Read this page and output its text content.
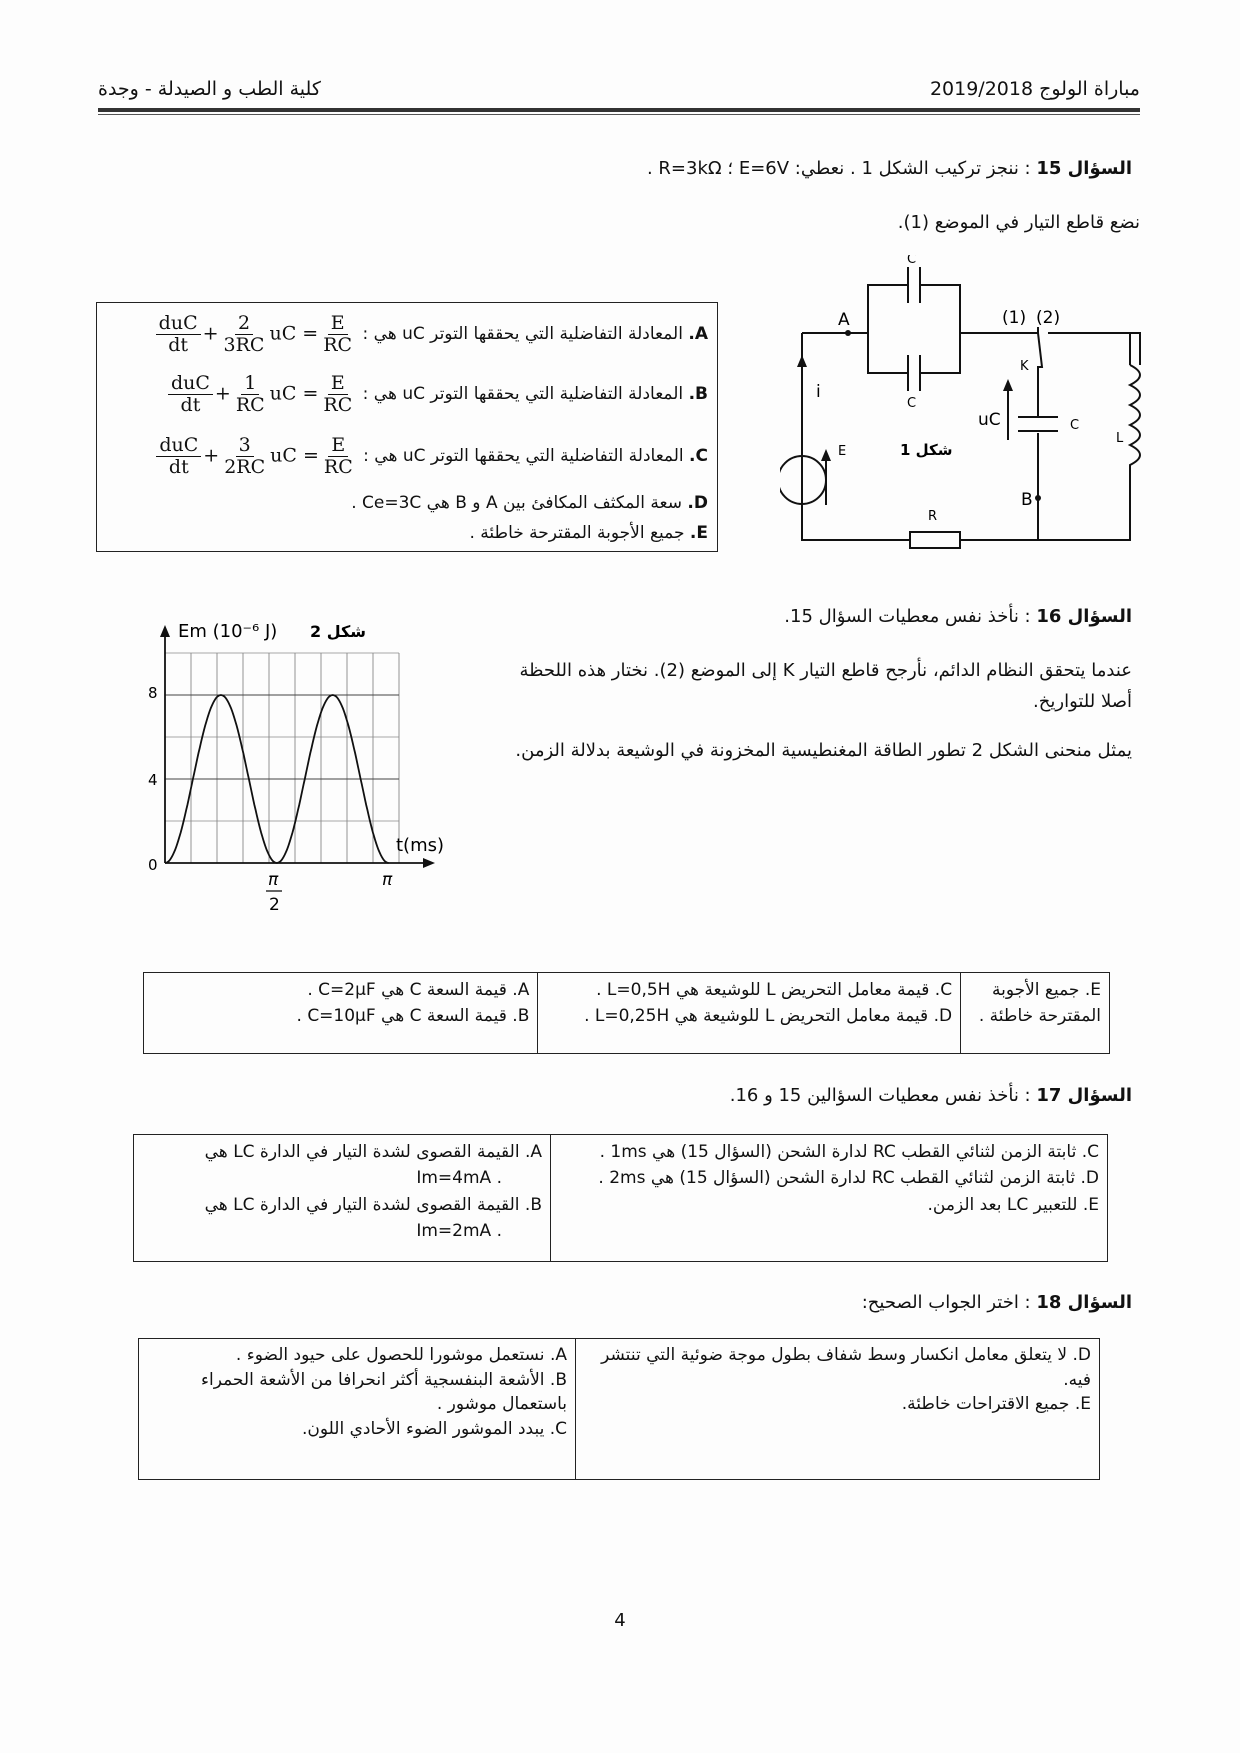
كلية الطب و الصيدلة - وجدة	مباراة الولوج 2019/2018
السؤال 15 : ننجز تركيب الشكل 1 . نعطي: E=6V ؛ R=3kΩ .
نضع قاطع التيار في الموضع (1).
A.

المعادلة التفاضلية التي يحققها التوتر uC هي :

$\frac{\text{duC}}{dt} + \frac{2}{3RC}$ uC = $\frac{E}{RC}$
B.

المعادلة التفاضلية التي يحققها التوتر uC هي :

$\frac{\text{duC}}{dt} + \frac{1}{RC}$ uC = $\frac{E}{RC}$
C.

المعادلة التفاضلية التي يحققها التوتر uC هي :

$\frac{\text{duC}}{dt} + \frac{3}{2RC}$ uC = $\frac{E}{RC}$
D. سعة المكثف المكافئ بين A و B هي Ce=3C .
E. جميع الأجوبة المقترحة خاطئة .
A
B
C
C
C
K
L
R
E
i
uC
(1) (2)
شكل 1
السؤال 16 : نأخذ نفس معطيات السؤال 15.
عندما يتحقق النظام الدائم، نأرجح قاطع التيار K إلى الموضع (2). نختار هذه اللحظة أصلا للتواريخ.
يمثل منحنى الشكل 2 تطور الطاقة المغنطيسية المخزونة في الوشيعة بدلالة الزمن.
Em (10⁻⁶ J) شكل 2
t(ms)
0
4
8
π
2
π
A. قيمة السعة C هي C=2μF .
B. قيمة السعة C هي C=10μF .

C. قيمة معامل التحريض L للوشيعة هي L=0,5H .
D. قيمة معامل التحريض L للوشيعة هي L=0,25H .

E. جميع الأجوبة المقترحة خاطئة .
السؤال 17 : نأخذ نفس معطيات السؤالين 15 و 16.
A. القيمة القصوى لشدة التيار في الدارة LC هي
. Im=4mA
B. القيمة القصوى لشدة التيار في الدارة LC هي
. Im=2mA

C. ثابتة الزمن لثنائي القطب RC لدارة الشحن (السؤال 15) هي 1ms .
D. ثابتة الزمن لثنائي القطب RC لدارة الشحن (السؤال 15) هي 2ms .
E. للتعبير LC بعد الزمن.
السؤال 18 : اختر الجواب الصحيح:
A. نستعمل موشورا للحصول على حيود الضوء .
B. الأشعة البنفسجية أكثر انحرافا من الأشعة الحمراء باستعمال موشور .
C. يبدد الموشور الضوء الأحادي اللون.

D. لا يتعلق معامل انكسار وسط شفاف بطول موجة ضوئية التي تنتشر فيه.
E. جميع الاقتراحات خاطئة.
4
